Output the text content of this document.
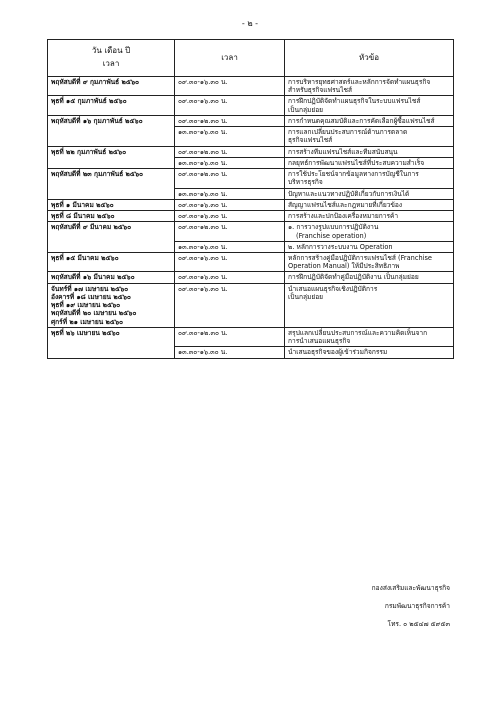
- ๒ -
วัน เดือน ปี
เวลา	เวลา	หัวข้อ

พฤหัสบดีที่ ๙ กุมภาพันธ์ ๒๕๖๐	๐๙.๓๐-๑๖.๓๐ น.	การบริหารยุทธศาสตร์และหลักการจัดทำแผนธุรกิจ
สำหรับธุรกิจแฟรนไชส์

พุธที่ ๑๕ กุมภาพันธ์ ๒๕๖๐	๐๙.๓๐-๑๖.๓๐ น.	การฝึกปฏิบัติจัดทำแผนธุรกิจในระบบแฟรนไชส์
เป็นกลุ่มย่อย

พฤหัสบดีที่ ๑๖ กุมภาพันธ์ ๒๕๖๐	๐๙.๓๐-๑๒.๓๐ น.	การกำหนดคุณสมบัติและการคัดเลือกผู้ซื้อแฟรนไชส์

	๑๓.๓๐-๑๖.๓๐ น.	การแลกเปลี่ยนประสบการณ์ด้านการตลาด
ธุรกิจแฟรนไชส์

พุธที่ ๒๒ กุมภาพันธ์ ๒๕๖๐	๐๙.๓๐-๑๒.๓๐ น.	การสร้างทีมแฟรนไชส์และทีมสนับสนุน

	๑๓.๓๐-๑๖.๓๐ น.	กลยุทธ์การพัฒนาแฟรนไชส์ที่ประสบความสำเร็จ

พฤหัสบดีที่ ๒๓ กุมภาพันธ์ ๒๕๖๐	๐๙.๓๐-๑๒.๓๐ น.	การใช้ประโยชน์จากข้อมูลทางการบัญชีในการ
บริหารธุรกิจ

	๑๓.๓๐-๑๖.๓๐ น.	ปัญหาและแนวทางปฏิบัติเกี่ยวกับการเงินได้

พุธที่ ๑ มีนาคม ๒๕๖๐	๐๙.๓๐-๑๖.๓๐ น.	สัญญาแฟรนไชส์และกฎหมายที่เกี่ยวข้อง

พุธที่ ๘ มีนาคม ๒๕๖๐	๐๙.๓๐-๑๖.๓๐ น.	การสร้างและปกป้องเครื่องหมายการค้า

พฤหัสบดีที่ ๙ มีนาคม ๒๕๖๐	๐๙.๓๐-๑๒.๓๐ น.	๑. การวางรูปแบบการปฏิบัติงาน
(Franchise operation)

	๑๓.๓๐-๑๖.๓๐ น.	๒. หลักการวางระบบงาน Operation

พุธที่ ๑๕ มีนาคม ๒๕๖๐	๐๙.๓๐-๑๖.๓๐ น.	หลักการสร้างคู่มือปฏิบัติการแฟรนไชส์ (Franchise
Operation Manual) ให้มีประสิทธิภาพ

พฤหัสบดีที่ ๑๖ มีนาคม ๒๕๖๐	๐๙.๓๐-๑๖.๓๐ น.	การฝึกปฏิบัติจัดทำคู่มือปฏิบัติงาน เป็นกลุ่มย่อย

จันทร์ที่ ๑๗ เมษายน ๒๕๖๐
อังคารที่ ๑๘ เมษายน ๒๕๖๐
พุธที่ ๑๙ เมษายน ๒๕๖๐
พฤหัสบดีที่ ๒๐ เมษายน ๒๕๖๐
ศุกร์ที่ ๒๑ เมษายน ๒๕๖๐	๐๙.๓๐-๑๖.๓๐ น.	นำเสนอแผนธุรกิจเชิงปฏิบัติการ
เป็นกลุ่มย่อย

พุธที่ ๒๖ เมษายน ๒๕๖๐	๐๙.๓๐-๑๒.๓๐ น.	สรุปแลกเปลี่ยนประสบการณ์และความคิดเห็นจาก
การนำเสนอแผนธุรกิจ

	๑๓.๓๐-๑๖.๓๐ น.	นำเสนอธุรกิจของผู้เข้าร่วมกิจกรรม
กองส่งเสริมและพัฒนาธุรกิจ
กรมพัฒนาธุรกิจการค้า
โทร. ๐ ๒๕๔๗ ๕๙๕๓
